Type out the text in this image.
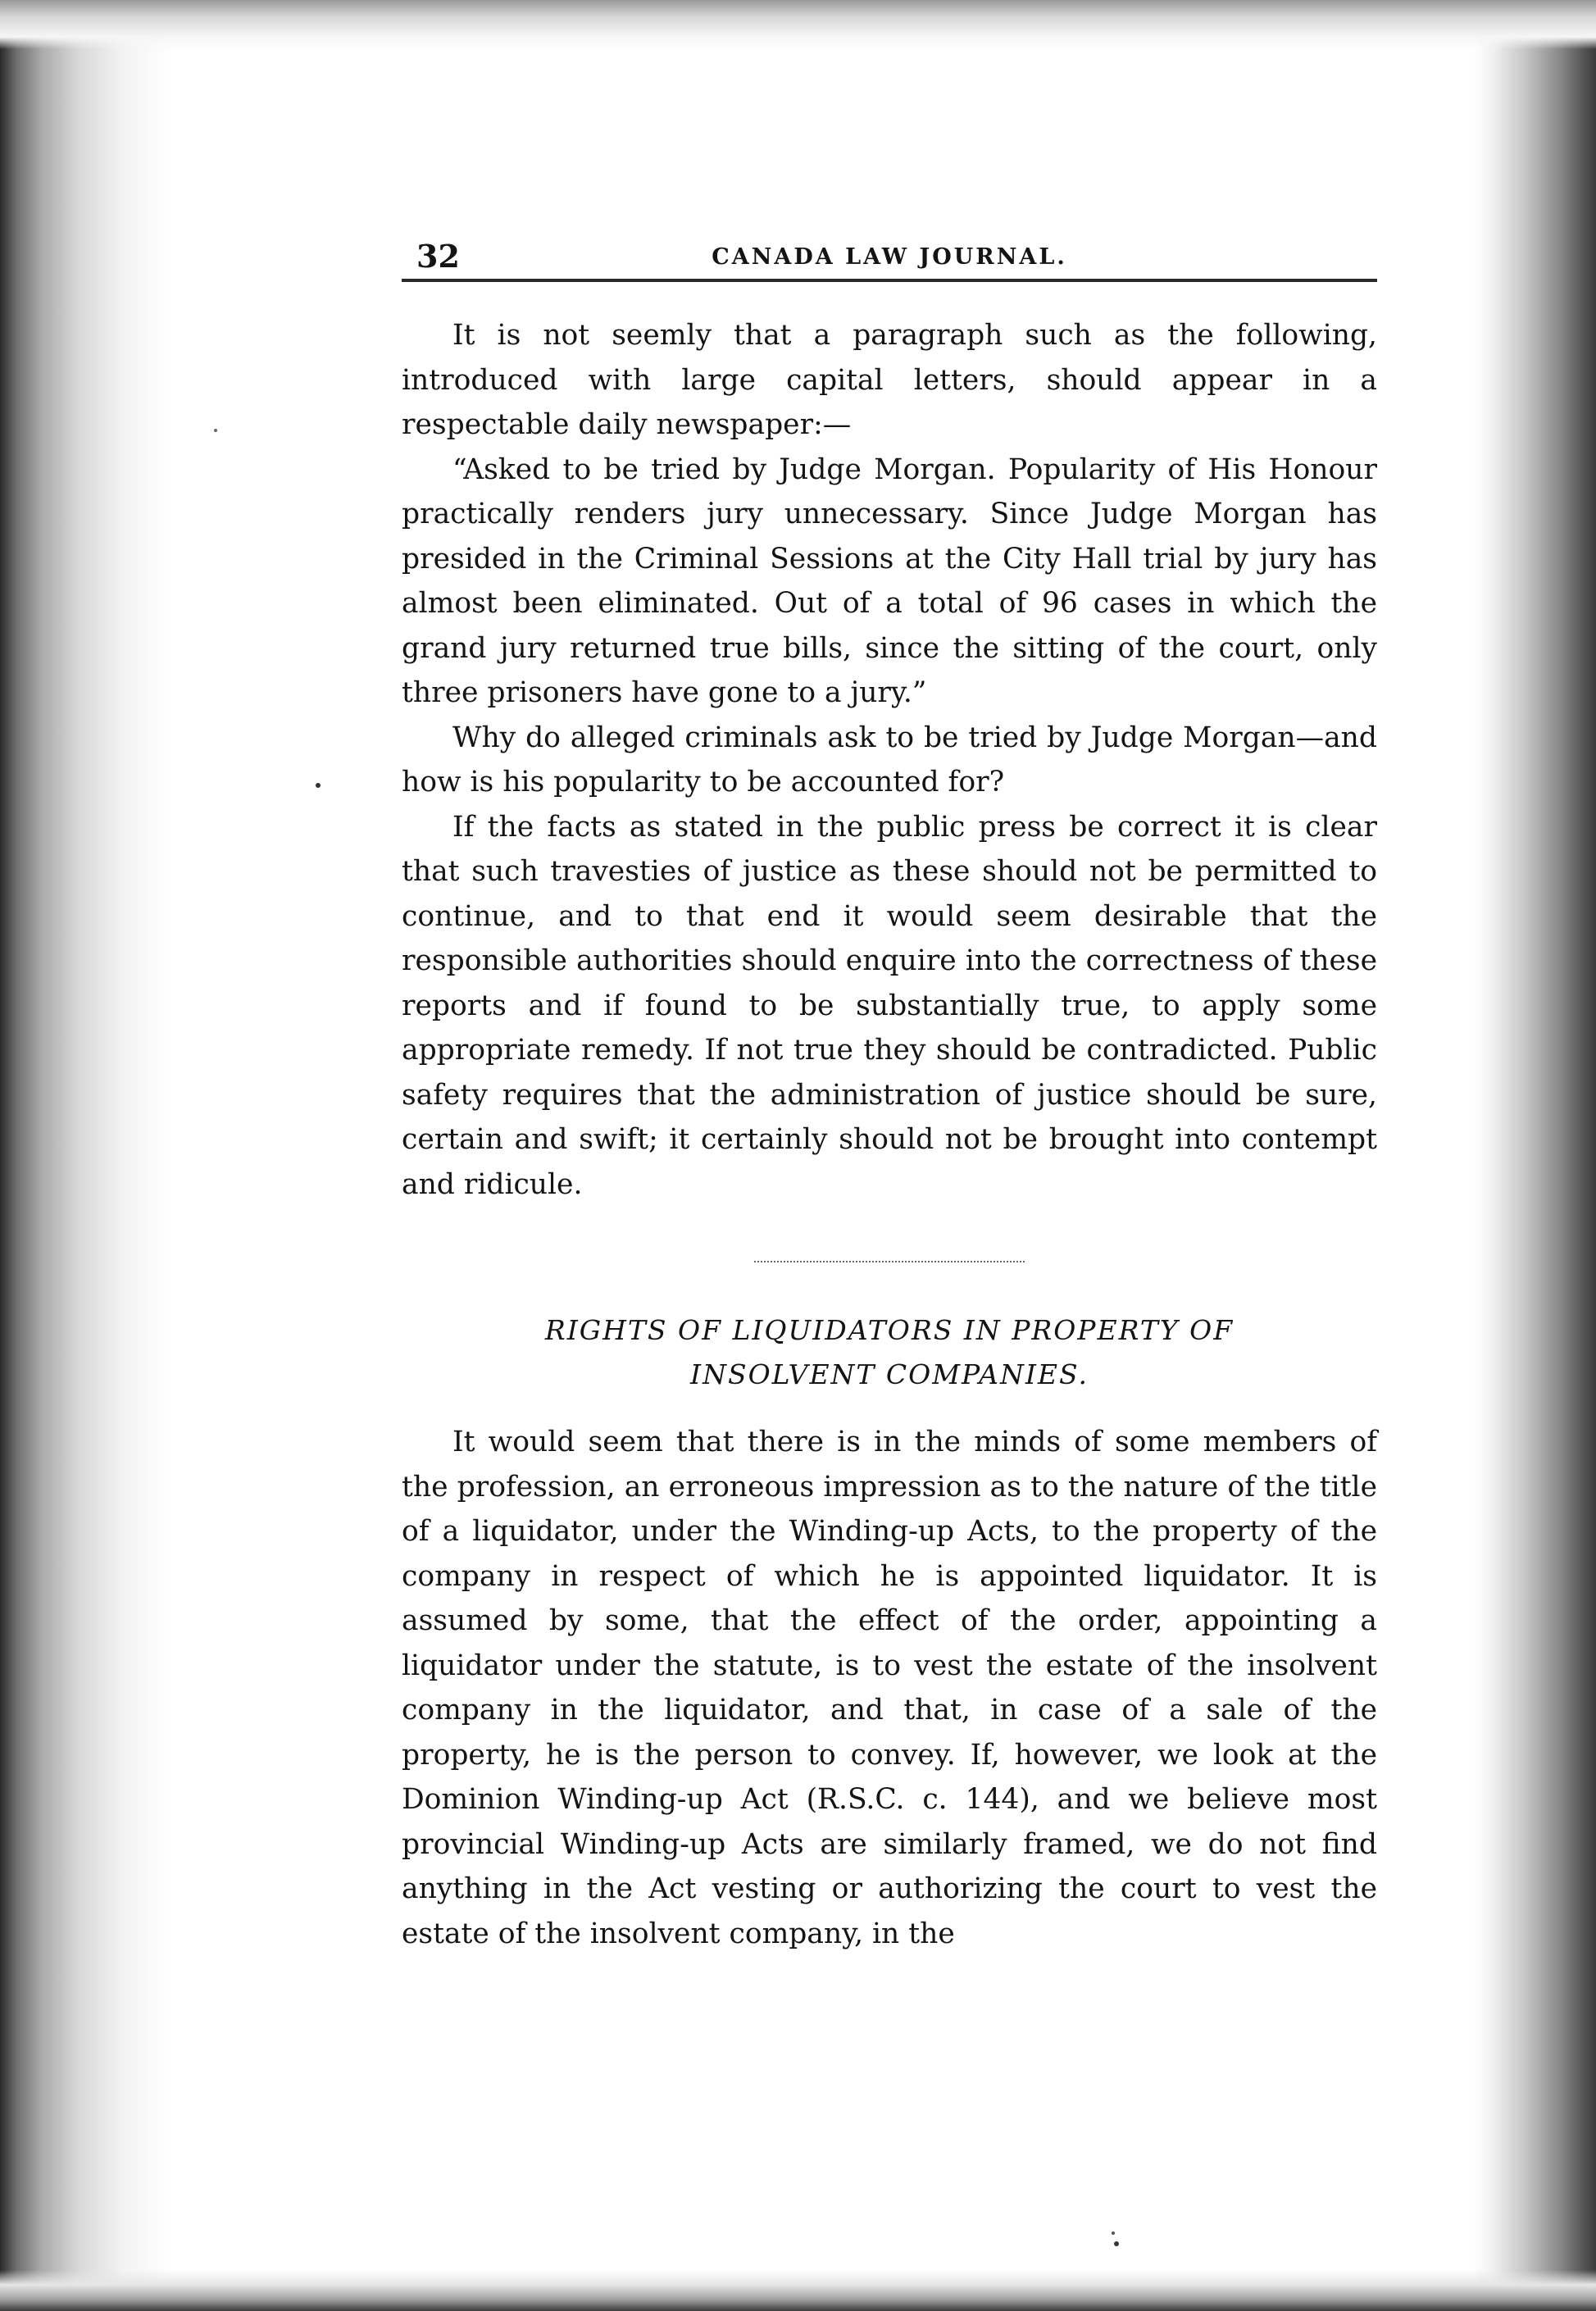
32	CANADA LAW JOURNAL.

It is not seemly that a paragraph such as the following, introduced with large capital letters, should appear in a respectable daily newspaper:—

“Asked to be tried by Judge Morgan. Popularity of His Honour practically renders jury unnecessary. Since Judge Morgan has presided in the Criminal Sessions at the City Hall trial by jury has almost been eliminated. Out of a total of 96 cases in which the grand jury returned true bills, since the sitting of the court, only three prisoners have gone to a jury.”

Why do alleged criminals ask to be tried by Judge Morgan—and how is his popularity to be accounted for?

If the facts as stated in the public press be correct it is clear that such travesties of justice as these should not be permitted to continue, and to that end it would seem desirable that the responsible authorities should enquire into the correctness of these reports and if found to be substantially true, to apply some appropriate remedy. If not true they should be contradicted. Public safety requires that the administration of justice should be sure, certain and swift; it certainly should not be brought into contempt and ridicule.

RIGHTS OF LIQUIDATORS IN PROPERTY OF
INSOLVENT COMPANIES.

It would seem that there is in the minds of some members of the profession, an erroneous impression as to the nature of the title of a liquidator, under the Winding-up Acts, to the property of the company in respect of which he is appointed liquidator. It is assumed by some, that the effect of the order, appointing a liquidator under the statute, is to vest the estate of the insolvent company in the liquidator, and that, in case of a sale of the property, he is the person to convey. If, however, we look at the Dominion Winding-up Act (R.S.C. c. 144), and we believe most provincial Winding-up Acts are similarly framed, we do not find anything in the Act vesting or authorizing the court to vest the estate of the insolvent company, in the
